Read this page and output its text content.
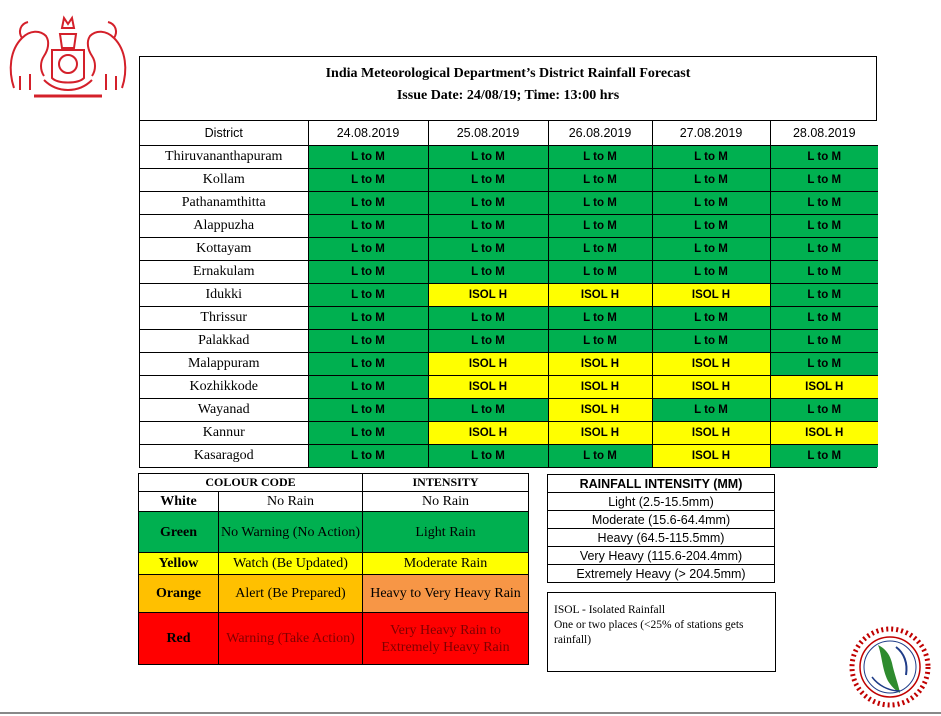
India Meteorological Department’s District Rainfall Forecast
Issue Date: 24/08/19; Time: 13:00 hrs
District	24.08.2019	25.08.2019	26.08.2019	27.08.2019	28.08.2019
Thiruvananthapuram	L to M	L to M	L to M	L to M	L to M
Kollam	L to M	L to M	L to M	L to M	L to M
Pathanamthitta	L to M	L to M	L to M	L to M	L to M
Alappuzha	L to M	L to M	L to M	L to M	L to M
Kottayam	L to M	L to M	L to M	L to M	L to M
Ernakulam	L to M	L to M	L to M	L to M	L to M
Idukki	L to M	ISOL H	ISOL H	ISOL H	L to M
Thrissur	L to M	L to M	L to M	L to M	L to M
Palakkad	L to M	L to M	L to M	L to M	L to M
Malappuram	L to M	ISOL H	ISOL H	ISOL H	L to M
Kozhikkode	L to M	ISOL H	ISOL H	ISOL H	ISOL H
Wayanad	L to M	L to M	ISOL H	L to M	L to M
Kannur	L to M	ISOL H	ISOL H	ISOL H	ISOL H
Kasaragod	L to M	L to M	L to M	ISOL H	L to M
COLOUR CODE		INTENSITY
White	No Rain	No Rain
Green	No Warning (No Action)	Light Rain
Yellow	Watch (Be Updated)	Moderate Rain
Orange	Alert (Be Prepared)	Heavy to Very Heavy Rain
Red	Warning (Take Action)	Very Heavy Rain to Extremely Heavy Rain
RAINFALL INTENSITY (MM)
Light (2.5-15.5mm)
Moderate (15.6-64.4mm)
Heavy (64.5-115.5mm)
Very Heavy (115.6-204.4mm)
Extremely Heavy (> 204.5mm)
ISOL - Isolated Rainfall
One or two places (<25% of stations gets rainfall)
